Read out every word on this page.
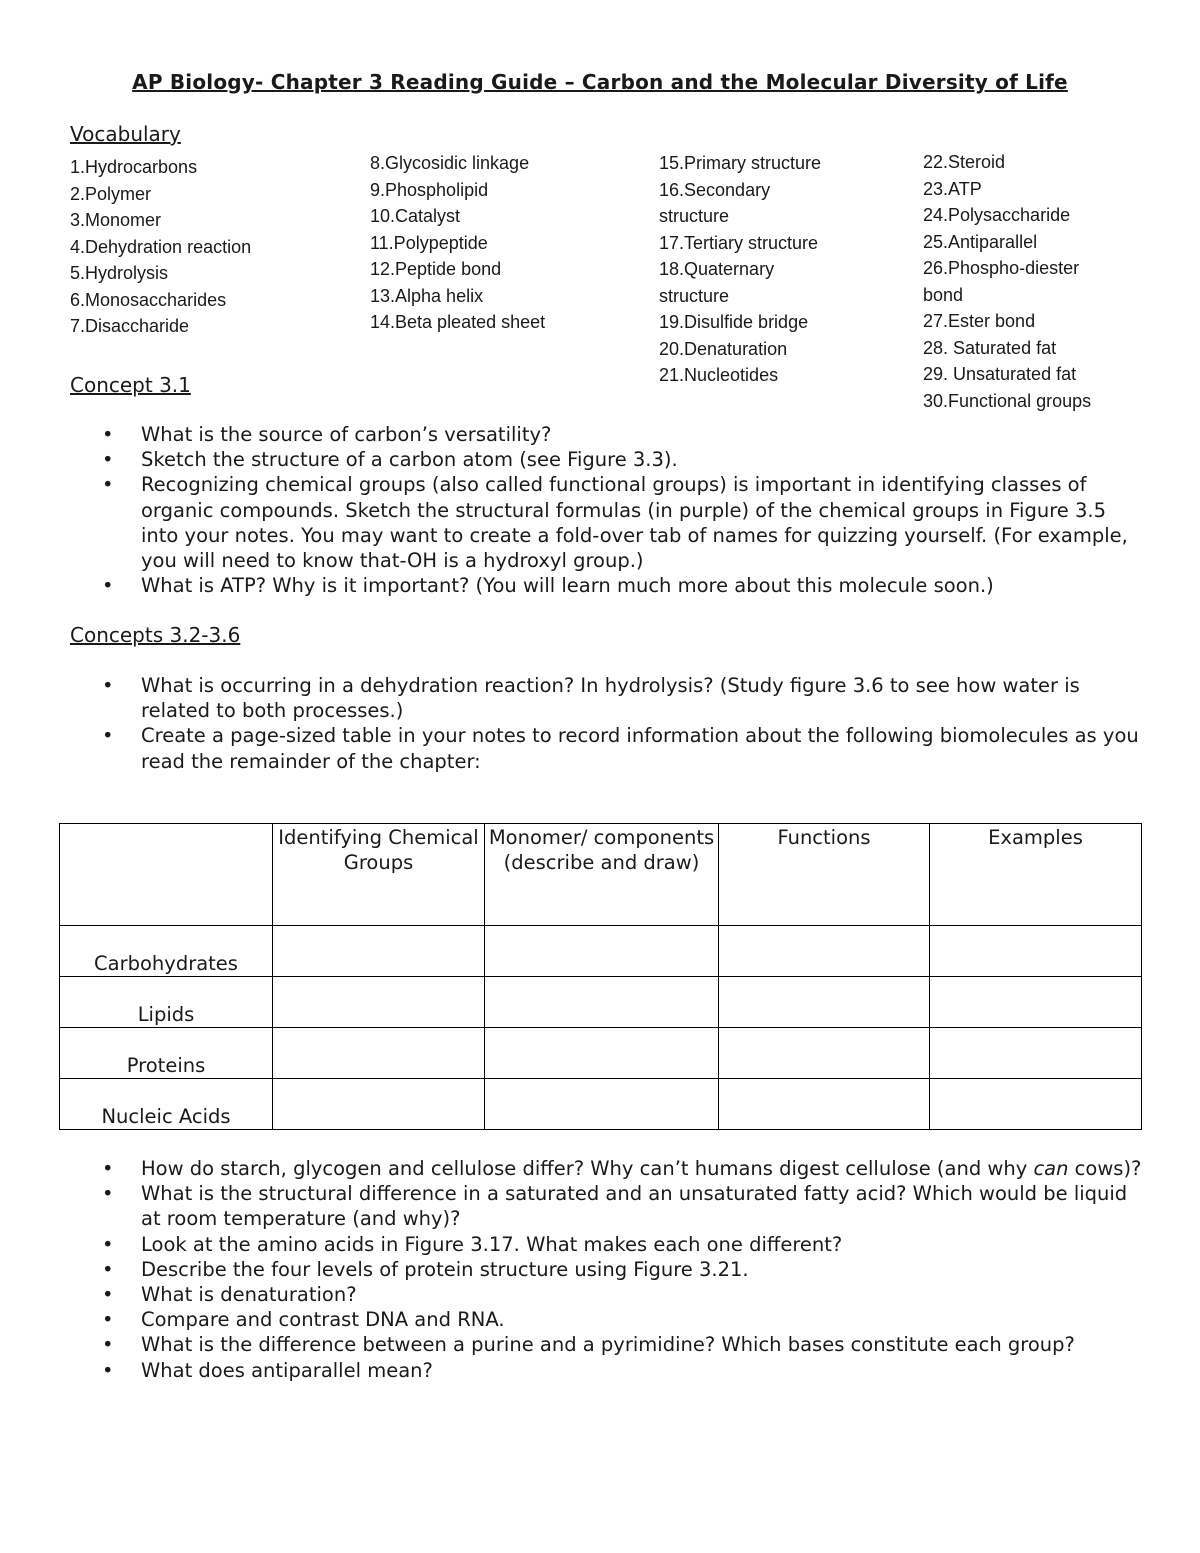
AP Biology- Chapter 3 Reading Guide – Carbon and the Molecular Diversity of Life
Vocabulary
1.Hydrocarbons
2.Polymer
3.Monomer
4.Dehydration reaction
5.Hydrolysis
6.Monosaccharides
7.Disaccharide
8.Glycosidic linkage
9.Phospholipid
10.Catalyst
11.Polypeptide
12.Peptide bond
13.Alpha helix
14.Beta pleated sheet
15.Primary structure
16.Secondary
structure
17.Tertiary structure
18.Quaternary
structure
19.Disulfide bridge
20.Denaturation
21.Nucleotides
22.Steroid
23.ATP
24.Polysaccharide
25.Antiparallel
26.Phospho-diester
bond
27.Ester bond
28. Saturated fat
29. Unsaturated fat
30.Functional groups
Concept 3.1
• What is the source of carbon’s versatility?
• Sketch the structure of a carbon atom (see Figure 3.3).
• Recognizing chemical groups (also called functional groups) is important in identifying classes of organic compounds. Sketch the structural formulas (in purple) of the chemical groups in Figure 3.5 into your notes. You may want to create a fold-over tab of names for quizzing yourself. (For example, you will need to know that-OH is a hydroxyl group.)
• What is ATP? Why is it important? (You will learn much more about this molecule soon.)
Concepts 3.2-3.6
• What is occurring in a dehydration reaction? In hydrolysis? (Study figure 3.6 to see how water is related to both processes.)
• Create a page-sized table in your notes to record information about the following biomolecules as you read the remainder of the chapter:
	Identifying Chemical Groups	Monomer/ components (describe and draw)	Functions	Examples
Carbohydrates				
Lipids				
Proteins				
Nucleic Acids				
• How do starch, glycogen and cellulose differ? Why can’t humans digest cellulose (and why can cows)?
• What is the structural difference in a saturated and an unsaturated fatty acid? Which would be liquid at room temperature (and why)?
• Look at the amino acids in Figure 3.17. What makes each one different?
• Describe the four levels of protein structure using Figure 3.21.
• What is denaturation?
• Compare and contrast DNA and RNA.
• What is the difference between a purine and a pyrimidine? Which bases constitute each group?
• What does antiparallel mean?
